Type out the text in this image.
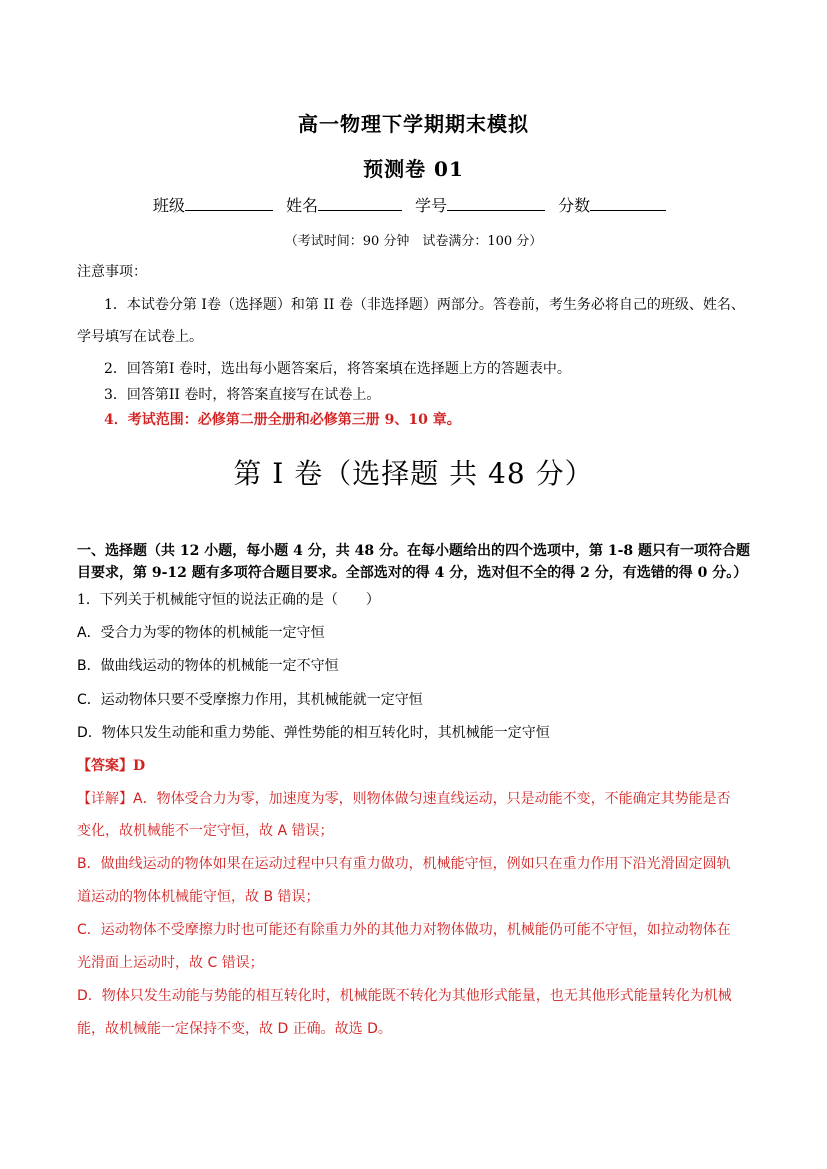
高一物理下学期期末模拟
预测卷 01
班级	姓名	学号	分数
（考试时间：90 分钟　试卷满分：100 分）
注意事项：
1．本试卷分第 I卷（选择题）和第 II 卷（非选择题）两部分。答卷前，考生务必将自己的班级、姓名、
学号填写在试卷上。
2．回答第I 卷时，选出每小题答案后，将答案填在选择题上方的答题表中。
3．回答第II 卷时，将答案直接写在试卷上。
4．考试范围：必修第二册全册和必修第三册 9、10 章。
第 I 卷（选择题 共 48 分）
一、选择题（共 12 小题，每小题 4 分，共 48 分。在每小题给出的四个选项中，第 1-8 题只有一项符合题
目要求，第 9-12 题有多项符合题目要求。全部选对的得 4 分，选对但不全的得 2 分，有选错的得 0 分。）
1．下列关于机械能守恒的说法正确的是（　　）
A．受合力为零的物体的机械能一定守恒
B．做曲线运动的物体的机械能一定不守恒
C．运动物体只要不受摩擦力作用，其机械能就一定守恒
D．物体只发生动能和重力势能、弹性势能的相互转化时，其机械能一定守恒
【答案】D
【详解】A．物体受合力为零，加速度为零，则物体做匀速直线运动，只是动能不变，不能确定其势能是否
变化，故机械能不一定守恒，故 A 错误；
B．做曲线运动的物体如果在运动过程中只有重力做功，机械能守恒，例如只在重力作用下沿光滑固定圆轨
道运动的物体机械能守恒，故 B 错误；
C．运动物体不受摩擦力时也可能还有除重力外的其他力对物体做功，机械能仍可能不守恒，如拉动物体在
光滑面上运动时，故 C 错误；
D．物体只发生动能与势能的相互转化时，机械能既不转化为其他形式能量，也无其他形式能量转化为机械
能，故机械能一定保持不变，故 D 正确。故选 D。
